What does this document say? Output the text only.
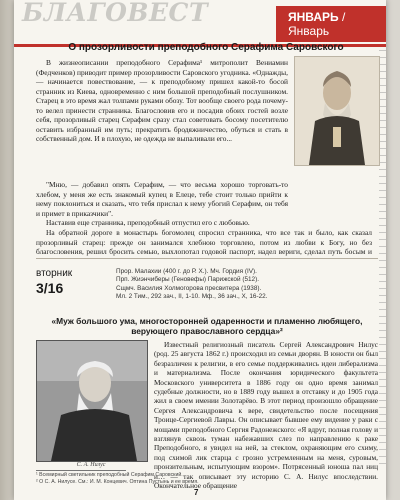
БЛАГОВЕСТ	ЯНВАРЬ / Январь
О прозорливости преподобного Серафима Саровского

В жизнеописании преподобного Серафима¹ митрополит Вениамин (Федченков) приводит пример прозорливости Саровского угодника. «Однажды, — начинается повествование, — к преподобному пришел какой-то босой странник из Киева, одновременно с ним большой преподобный послушником. Старец в это время жал толпами руками обозу. Тот вообще своего рода почему-то велел принести странника. Благословив его и посадив обоих гостей возле себя, прозорливый старец Серафим сразу стал советовать босому посетителю оставить избранный им путь; прекратить бродяжничество, обуться и стать в собственный дом. И в плохую, не одежда не выпаливали его...

"Мню, — добавил опять Серафим, — что весьма хорошо торговать-то хлебом, у меня же есть знакомый купец в Елеце, тебе стоит только прийти к нему поклониться и сказать, что тебя прислал к нему убогий Серафим, он тебя и примет в приказчики".

Наставив еще странника, преподобный отпустил его с любовью.

На обратной дороге в монастырь богомолец спросил странника, что все так и было, как сказал прозорливый старец: прежде он занимался хлебною торговлею, потом из любви к Богу, но без благословения, решил бросить семью, выхлопотал годовой паспорт, надел вериги, сделал путь босым и

вторник
3/16
Прор. Малахии (400 г. до Р. Х.). Мч. Гордия (IV).
Прп. Жиэнчиберы (Геновефы) Парижской (512).
Сщмч. Василия Холмогорова пресвитера (1938).
Мл. 2 Тим., 292 зач., II, 1-10. Мф., 36 зач., Х, 16-22.
«Муж большого ума, многосторонней одаренности и пламенно любящего, верующего православного сердца»²
С. А. Нилус

Известный религиозный писатель Сергей Александрович Нилус (род. 25 августа 1862 г.) происходил из семьи дворян. В юности он был безразличен к религии, в его семье поддерживались идеи либерализма и материализма. После окончания юридического факультета Московского университета в 1886 году он одно время занимал судебные должности, но в 1889 году вышел в отставку и до 1905 года жил в своем имении Золотарёво. В этот период произошло обращение Сергея Александровича к вере, свидетельство после посещения Троице-Сергиевой Лавры. Он описывает бывшее ему видение у раки с мощами преподобного Сергия Радонежского: «Я вдруг, полная голову и взглянув сквозь туман набежавших слез по направлению к раке Преподобного, я увидел на ней, за стеклом, охраняющим его схиму, под схимой лик старца с грозно устремленным на меня, суровым, пронзительным, испытующим взором». Потрясенный юноша пал ниц и… — так описывает эту историю С. А. Нилус впоследствии. Окончательное обращение

¹ Всемирный светильник преподобный Серафим Саровский.
² О С. А. Нилусе. См.: И. М. Концевич. Оптина Пустынь и ее время.
7
